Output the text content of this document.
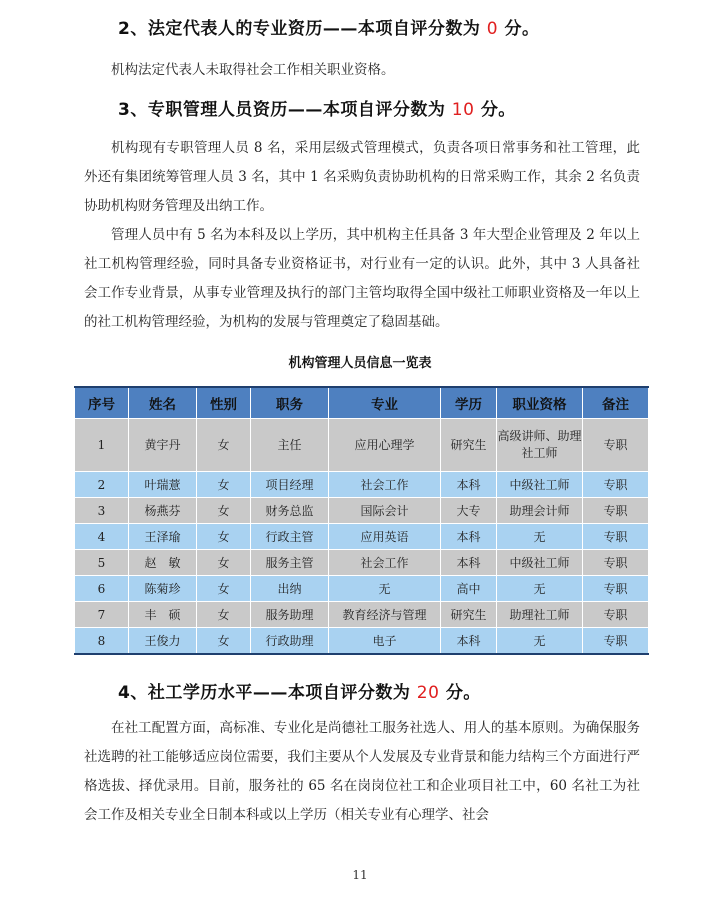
2、法定代表人的专业资历——本项自评分数为 0 分。

机构法定代表人未取得社会工作相关职业资格。

3、专职管理人员资历——本项自评分数为 10 分。

机构现有专职管理人员 8 名，采用层级式管理模式，负责各项日常事务和社工管理，此外还有集团统筹管理人员 3 名，其中 1 名采购负责协助机构的日常采购工作，其余 2 名负责协助机构财务管理及出纳工作。

管理人员中有 5 名为本科及以上学历，其中机构主任具备 3 年大型企业管理及 2 年以上社工机构管理经验，同时具备专业资格证书，对行业有一定的认识。此外，其中 3 人具备社会工作专业背景，从事专业管理及执行的部门主管均取得全国中级社工师职业资格及一年以上的社工机构管理经验，为机构的发展与管理奠定了稳固基础。

机构管理人员信息一览表
序号	姓名	性别	职务	专业	学历	职业资格	备注
1	黄宇丹	女	主任	应用心理学	研究生	高级讲师、助理社工师	专职
2	叶瑞薏	女	项目经理	社会工作	本科	中级社工师	专职
3	杨燕芬	女	财务总监	国际会计	大专	助理会计师	专职
4	王泽瑜	女	行政主管	应用英语	本科	无	专职
5	赵　敏	女	服务主管	社会工作	本科	中级社工师	专职
6	陈菊珍	女	出纳	无	高中	无	专职
7	丰　硕	女	服务助理	教育经济与管理	研究生	助理社工师	专职
8	王俊力	女	行政助理	电子	本科	无	专职
4、社工学历水平——本项自评分数为 20 分。

在社工配置方面，高标准、专业化是尚德社工服务社选人、用人的基本原则。为确保服务社选聘的社工能够适应岗位需要，我们主要从个人发展及专业背景和能力结构三个方面进行严格选拔、择优录用。目前，服务社的 65 名在岗岗位社工和企业项目社工中，60 名社工为社会工作及相关专业全日制本科或以上学历（相关专业有心理学、社会

11
